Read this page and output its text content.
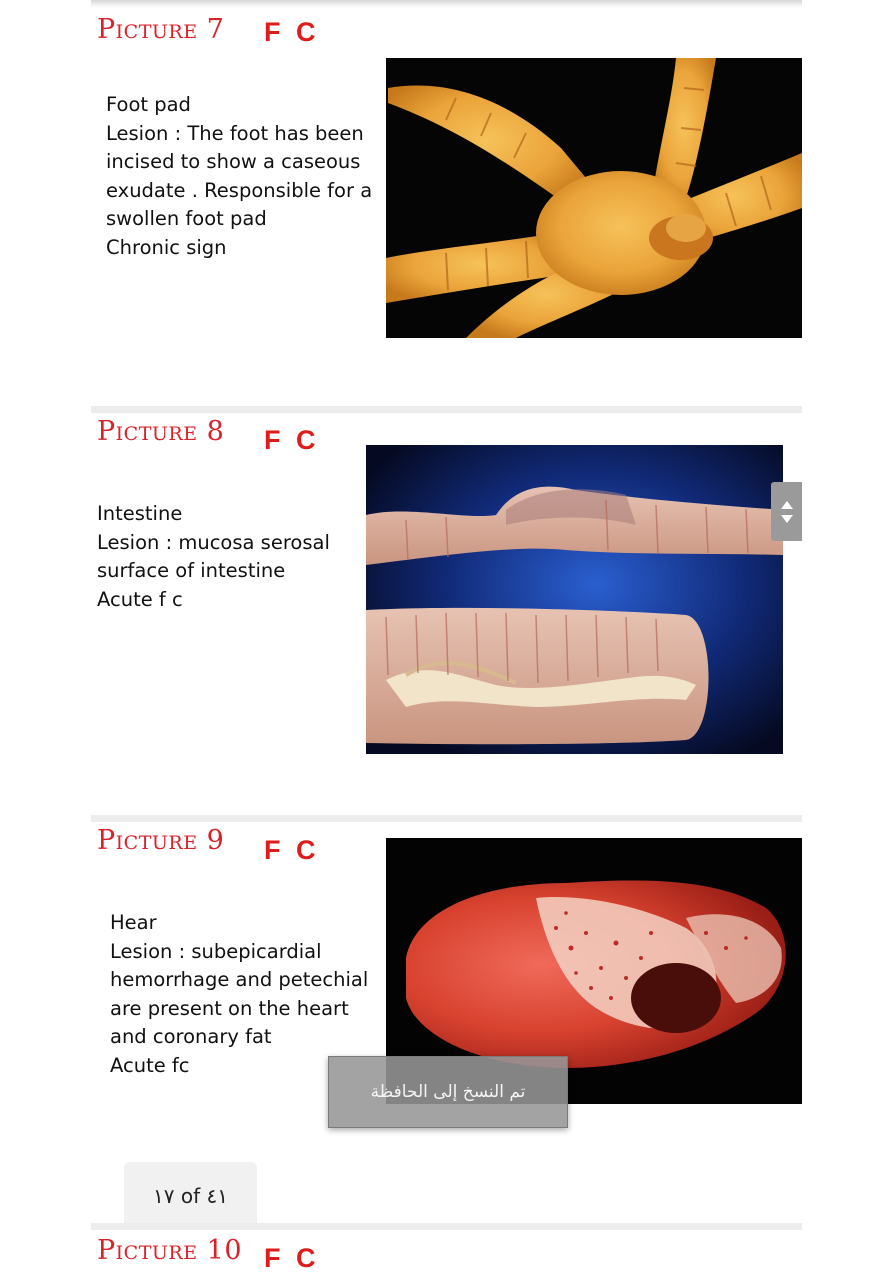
Picture 7 F C
Foot pad
Lesion : The foot has been
incised to show a caseous
exudate . Responsible for a
swollen foot pad
Chronic sign
Picture 8 F C
Intestine
Lesion : mucosa serosal
surface of intestine
Acute f c
Picture 9 F C
Hear
Lesion : subepicardial
hemorrhage and petechial
are present on the heart
and coronary fat
Acute fc
تم النسخ إلى الحافظة
١٧ of ٤١
Picture 10 F C
